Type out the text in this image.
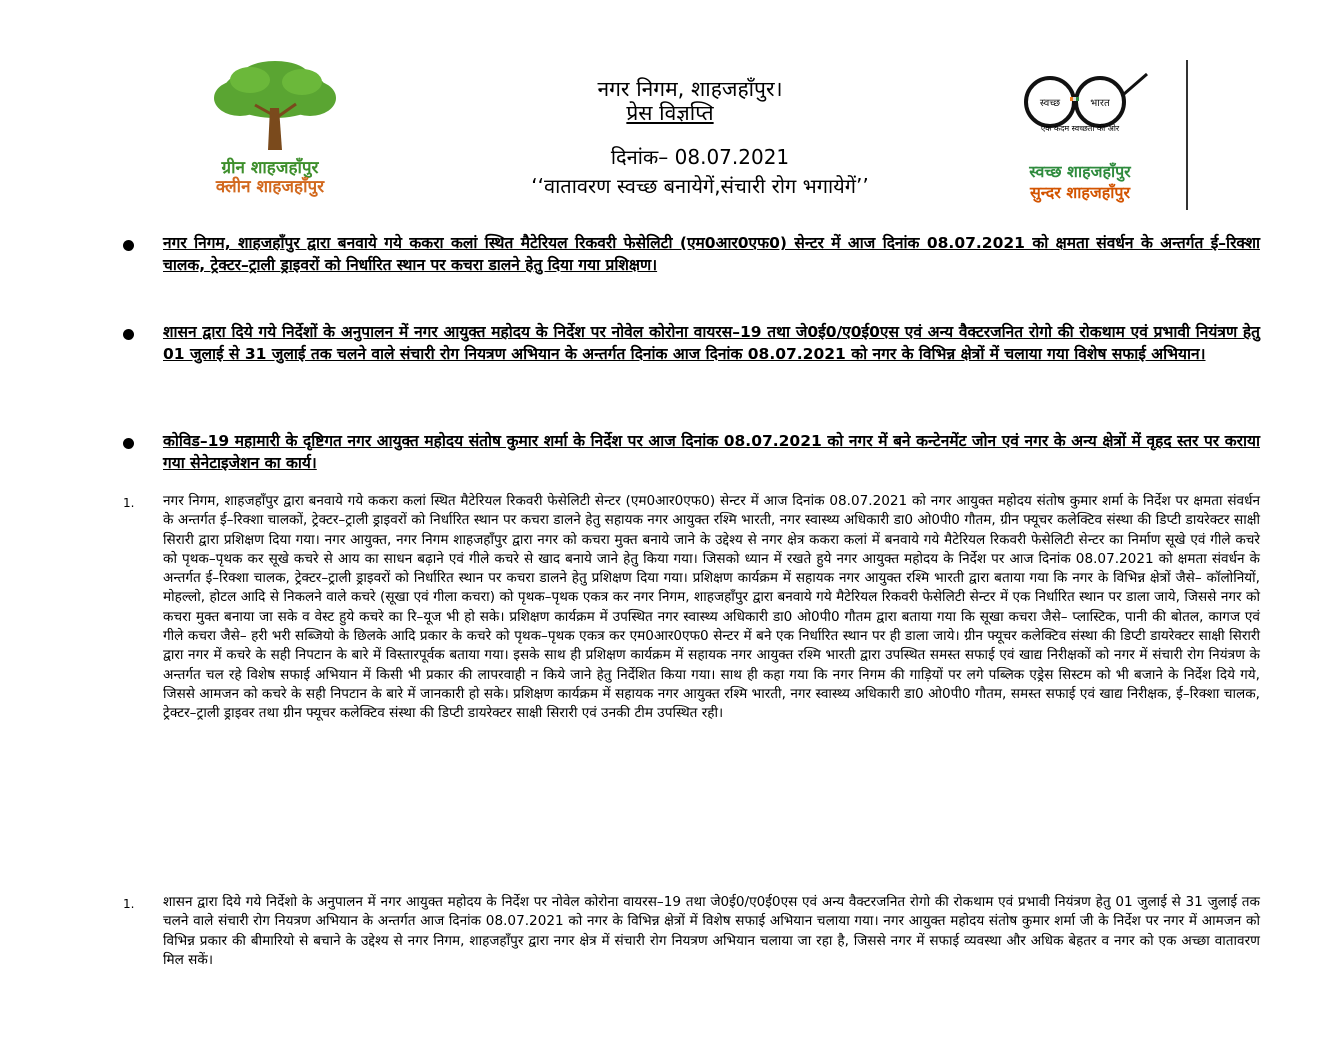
ग्रीन शाहजहाँपुर
क्लीन शाहजहाँपुर
नगर निगम, शाहजहाँपुर।
प्रेस विज्ञप्ति
दिनांक– 08.07.2021
‘‘वातावरण स्वच्छ बनायेगें,संचारी रोग भगायेगें’’
स्वच्छ	भारत
एक कदम स्वच्छता की ओर
स्वच्छ शाहजहाँपुर
सुन्दर शाहजहाँपुर
नगर निगम, शाहजहाँपुर द्वारा बनवाये गये ककरा कलां स्थित मैटेरियल रिकवरी फेसेलिटी (एम0आर0एफ0) सेन्टर में आज दिनांक 08.07.2021 को क्षमता संवर्धन के अन्तर्गत ई–रिक्शा चालक, ट्रेक्टर–ट्राली ड्राइवरों को निर्धारित स्थान पर कचरा डालने हेतु दिया गया प्रशिक्षण।
शासन द्वारा दिये गये निर्देशों के अनुपालन में नगर आयुक्त महोदय के निर्देश पर नोवेल कोरोना वायरस–19 तथा जे0ई0/ए0ई0एस एवं अन्य वैक्टरजनित रोगो की रोकथाम एवं प्रभावी नियंत्रण हेतु 01 जुलाई से 31 जुलाई तक चलने वाले संचारी रोग नियत्रण अभियान के अन्तर्गत दिनांक आज दिनांक 08.07.2021 को नगर के विभिन्न क्षेत्रों में चलाया गया विशेष सफाई अभियान।
कोविड–19 महामारी के दृष्टिगत नगर आयुक्त महोदय संतोष कुमार शर्मा के निर्देश पर आज दिनांक 08.07.2021 को नगर में बने कन्टेनमेंट जोन एवं नगर के अन्य क्षेत्रों में वृहद स्तर पर कराया गया सेनेटाइजेशन का कार्य।
1. नगर निगम, शाहजहाँपुर द्वारा बनवाये गये ककरा कलां स्थित मैटेरियल रिकवरी फेसेलिटी सेन्टर (एम0आर0एफ0) सेन्टर में आज दिनांक 08.07.2021 को नगर आयुक्त महोदय संतोष कुमार शर्मा के निर्देश पर क्षमता संवर्धन के अन्तर्गत ई–रिक्शा चालकों, ट्रेक्टर–ट्राली ड्राइवरों को निर्धारित स्थान पर कचरा डालने हेतु सहायक नगर आयुक्त रश्मि भारती, नगर स्वास्थ्य अधिकारी डा0 ओ0पी0 गौतम, ग्रीन फ्यूचर कलेक्टिव संस्था की डिप्टी डायरेक्टर साक्षी सिरारी द्वारा प्रशिक्षण दिया गया। नगर आयुक्त, नगर निगम शाहजहाँपुर द्वारा नगर को कचरा मुक्त बनाये जाने के उद्देश्य से नगर क्षेत्र ककरा कलां में बनवाये गये मैटेरियल रिकवरी फेसेलिटी सेन्टर का निर्माण सूखे एवं गीले कचरे को पृथक–पृथक कर सूखे कचरे से आय का साधन बढ़ाने एवं गीले कचरे से खाद बनाये जाने हेतु किया गया। जिसको ध्यान में रखते हुये नगर आयुक्त महोदय के निर्देश पर आज दिनांक 08.07.2021 को क्षमता संवर्धन के अन्तर्गत ई–रिक्शा चालक, ट्रेक्टर–ट्राली ड्राइवरों को निर्धारित स्थान पर कचरा डालने हेतु प्रशिक्षण दिया गया। प्रशिक्षण कार्यक्रम में सहायक नगर आयुक्त रश्मि भारती द्वारा बताया गया कि नगर के विभिन्न क्षेत्रों जैसे– कॉलोनियों, मोहल्लो, होटल आदि से निकलने वाले कचरे (सूखा एवं गीला कचरा) को पृथक–पृथक एकत्र कर नगर निगम, शाहजहाँपुर द्वारा बनवाये गये मैटेरियल रिकवरी फेसेलिटी सेन्टर में एक निर्धारित स्थान पर डाला जाये, जिससे नगर को कचरा मुक्त बनाया जा सके व वेस्ट हुये कचरे का रि–यूज भी हो सके। प्रशिक्षण कार्यक्रम में उपस्थित नगर स्वास्थ्य अधिकारी डा0 ओ0पी0 गौतम द्वारा बताया गया कि सूखा कचरा जैसे– प्लास्टिक, पानी की बोतल, कागज एवं गीले कचरा जैसे– हरी भरी सब्जियो के छिलके आदि प्रकार के कचरे को पृथक–पृथक एकत्र कर एम0आर0एफ0 सेन्टर में बने एक निर्धारित स्थान पर ही डाला जाये। ग्रीन फ्यूचर कलेक्टिव संस्था की डिप्टी डायरेक्टर साक्षी सिरारी द्वारा नगर में कचरे के सही निपटान के बारे में विस्तारपूर्वक बताया गया। इसके साथ ही प्रशिक्षण कार्यक्रम में सहायक नगर आयुक्त रश्मि भारती द्वारा उपस्थित समस्त सफाई एवं खाद्य निरीक्षकों को नगर में संचारी रोग नियंत्रण के अन्तर्गत चल रहे विशेष सफाई अभियान में किसी भी प्रकार की लापरवाही न किये जाने हेतु निर्देशित किया गया। साथ ही कहा गया कि नगर निगम की गाड़ियों पर लगे पब्लिक एड्रेस सिस्टम को भी बजाने के निर्देश दिये गये, जिससे आमजन को कचरे के सही निपटान के बारे में जानकारी हो सके। प्रशिक्षण कार्यक्रम में सहायक नगर आयुक्त रश्मि भारती, नगर स्वास्थ्य अधिकारी डा0 ओ0पी0 गौतम, समस्त सफाई एवं खाद्य निरीक्षक, ई–रिक्शा चालक, ट्रेक्टर–ट्राली ड्राइवर तथा ग्रीन फ्यूचर कलेक्टिव संस्था की डिप्टी डायरेक्टर साक्षी सिरारी एवं उनकी टीम उपस्थित रही।
1. शासन द्वारा दिये गये निर्देशो के अनुपालन में नगर आयुक्त महोदय के निर्देश पर नोवेल कोरोना वायरस–19 तथा जे0ई0/ए0ई0एस एवं अन्य वैक्टरजनित रोगो की रोकथाम एवं प्रभावी नियंत्रण हेतु 01 जुलाई से 31 जुलाई तक चलने वाले संचारी रोग नियत्रण अभियान के अन्तर्गत आज दिनांक 08.07.2021 को नगर के विभिन्न क्षेत्रों में विशेष सफाई अभियान चलाया गया। नगर आयुक्त महोदय संतोष कुमार शर्मा जी के निर्देश पर नगर में आमजन को विभिन्न प्रकार की बीमारियो से बचाने के उद्देश्य से नगर निगम, शाहजहाँपुर द्वारा नगर क्षेत्र में संचारी रोग नियत्रण अभियान चलाया जा रहा है, जिससे नगर में सफाई व्यवस्था और अधिक बेहतर व नगर को एक अच्छा वातावरण मिल सकें।
